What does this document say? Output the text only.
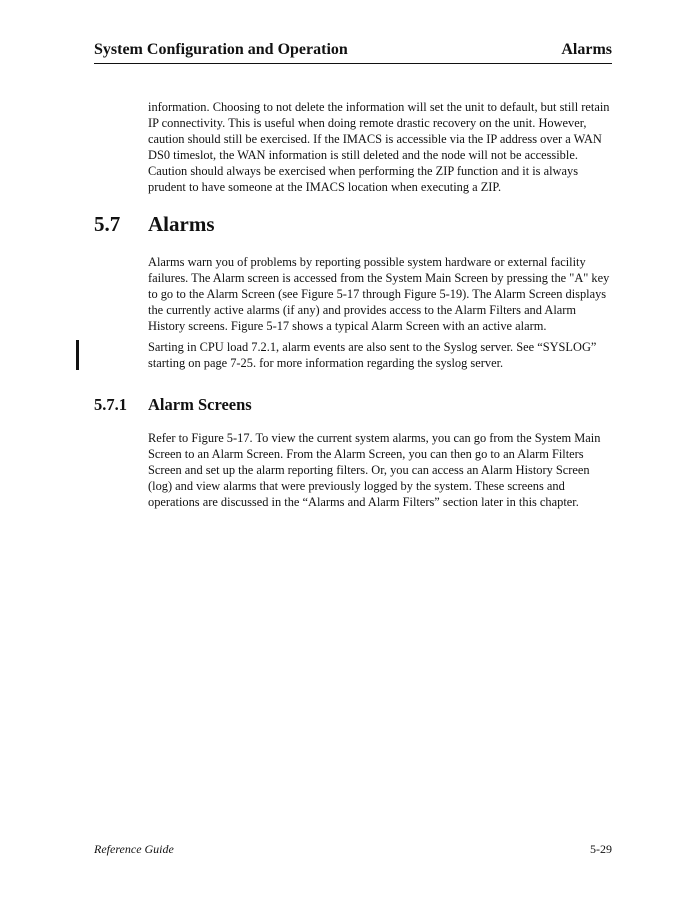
System Configuration and Operation	Alarms

information. Choosing to not delete the information will set the unit to default, but still retain IP connectivity. This is useful when doing remote drastic recovery on the unit. However, caution should still be exercised. If the IMACS is accessible via the IP address over a WAN DS0 timeslot, the WAN information is still deleted and the node will not be accessible. Caution should always be exercised when performing the ZIP function and it is always prudent to have someone at the IMACS location when executing a ZIP.

5.7	Alarms

Alarms warn you of problems by reporting possible system hardware or external facility failures. The Alarm screen is accessed from the System Main Screen by pressing the "A" key to go to the Alarm Screen (see Figure 5-17 through Figure 5-19). The Alarm Screen displays the currently active alarms (if any) and provides access to the Alarm Filters and Alarm History screens. Figure 5-17 shows a typical Alarm Screen with an active alarm.

Sarting in CPU load 7.2.1, alarm events are also sent to the Syslog server. See “SYSLOG” starting on page 7-25. for more information regarding the syslog server.

5.7.1	Alarm Screens

Refer to Figure 5-17. To view the current system alarms, you can go from the System Main Screen to an Alarm Screen. From the Alarm Screen, you can then go to an Alarm Filters Screen and set up the alarm reporting filters. Or, you can access an Alarm History Screen (log) and view alarms that were previously logged by the system. These screens and operations are discussed in the “Alarms and Alarm Filters” section later in this chapter.

Reference Guide	5-29
